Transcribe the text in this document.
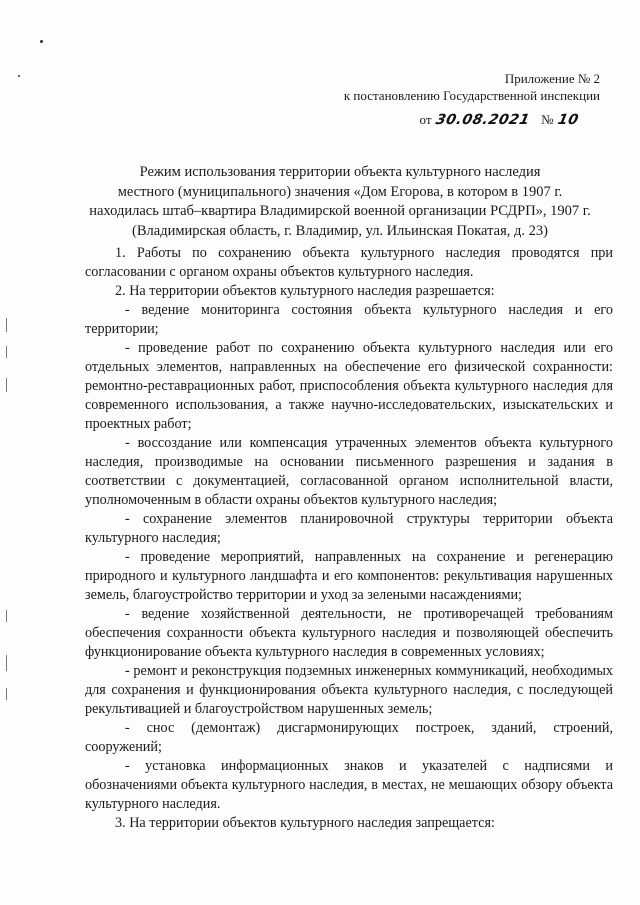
Приложение № 2
к постановлению Государственной инспекции
от 30.08.2021 № 10
Режим использования территории объекта культурного наследия
местного (муниципального) значения «Дом Егорова, в котором в 1907 г.
находилась штаб–квартира Владимирской военной организации РСДРП», 1907 г.
(Владимирская область, г. Владимир, ул. Ильинская Покатая, д. 23)
1. Работы по сохранению объекта культурного наследия проводятся при согласовании с органом охраны объектов культурного наследия.
2. На территории объектов культурного наследия разрешается:
- ведение мониторинга состояния объекта культурного наследия и его территории;
- проведение работ по сохранению объекта культурного наследия или его отдельных элементов, направленных на обеспечение его физической сохранности: ремонтно-реставрационных работ, приспособления объекта культурного наследия для современного использования, а также научно-исследовательских, изыскательских и проектных работ;
- воссоздание или компенсация утраченных элементов объекта культурного наследия, производимые на основании письменного разрешения и задания в соответствии с документацией, согласованной органом исполнительной власти, уполномоченным в области охраны объектов культурного наследия;
- сохранение элементов планировочной структуры территории объекта культурного наследия;
- проведение мероприятий, направленных на сохранение и регенерацию природного и культурного ландшафта и его компонентов: рекультивация нарушенных земель, благоустройство территории и уход за зелеными насаждениями;
- ведение хозяйственной деятельности, не противоречащей требованиям обеспечения сохранности объекта культурного наследия и позволяющей обеспечить функционирование объекта культурного наследия в современных условиях;
- ремонт и реконструкция подземных инженерных коммуникаций, необходимых для сохранения и функционирования объекта культурного наследия, с последующей рекультивацией и благоустройством нарушенных земель;
- снос (демонтаж) дисгармонирующих построек, зданий, строений, сооружений;
- установка информационных знаков и указателей с надписями и обозначениями объекта культурного наследия, в местах, не мешающих обзору объекта культурного наследия.
3. На территории объектов культурного наследия запрещается:
